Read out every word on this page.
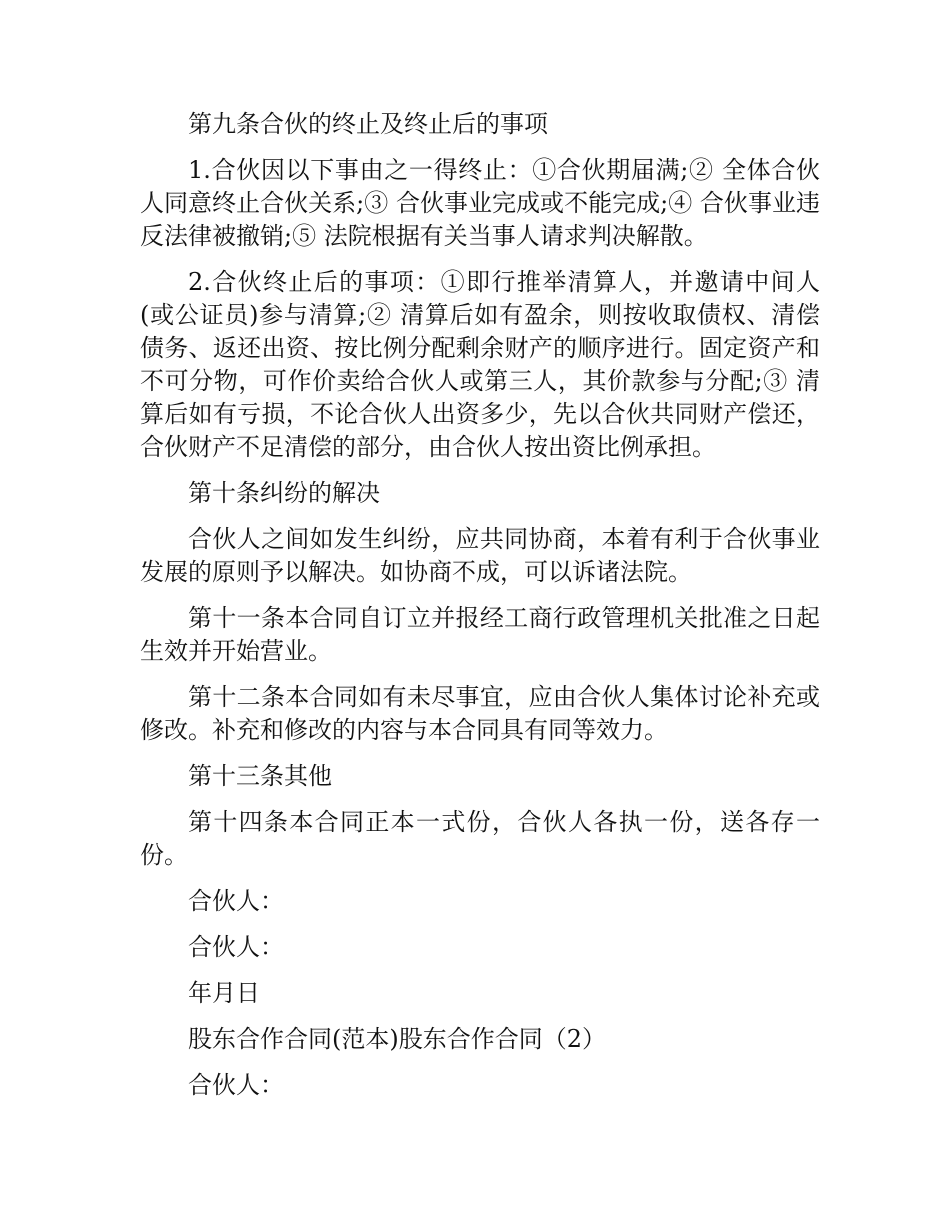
第九条合伙的终止及终止后的事项

1.合伙因以下事由之一得终止：①合伙期届满;② 全体合伙人同意终止合伙关系;③ 合伙事业完成或不能完成;④ 合伙事业违反法律被撤销;⑤ 法院根据有关当事人请求判决解散。

2.合伙终止后的事项：①即行推举清算人，并邀请中间人(或公证员)参与清算;② 清算后如有盈余，则按收取债权、清偿债务、返还出资、按比例分配剩余财产的顺序进行。固定资产和不可分物，可作价卖给合伙人或第三人，其价款参与分配;③ 清算后如有亏损，不论合伙人出资多少，先以合伙共同财产偿还，合伙财产不足清偿的部分，由合伙人按出资比例承担。

第十条纠纷的解决

合伙人之间如发生纠纷，应共同协商，本着有利于合伙事业发展的原则予以解决。如协商不成，可以诉诸法院。

第十一条本合同自订立并报经工商行政管理机关批准之日起生效并开始营业。

第十二条本合同如有未尽事宜，应由合伙人集体讨论补充或修改。补充和修改的内容与本合同具有同等效力。

第十三条其他

第十四条本合同正本一式份，合伙人各执一份，送各存一份。

合伙人：

合伙人：

年月日

股东合作合同(范本)股东合作合同（2）

合伙人：
